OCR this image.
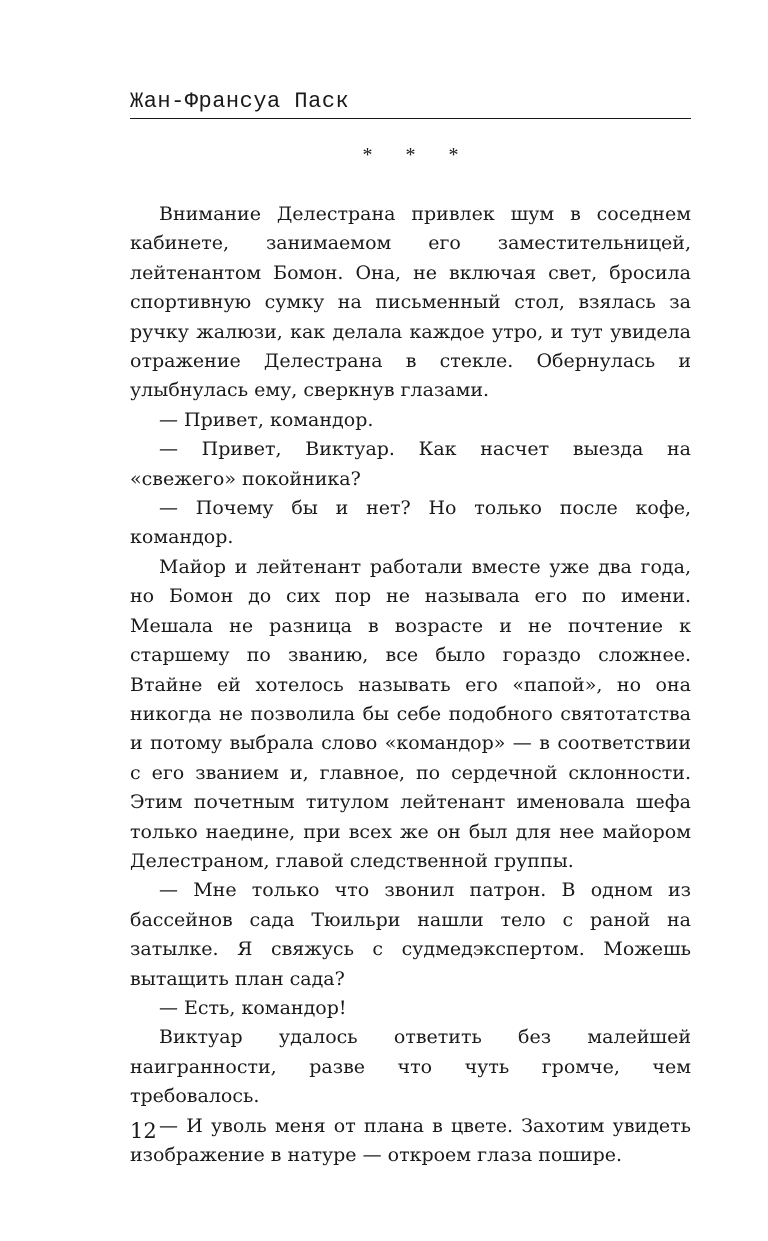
Жан-Франсуа Паск
* * *

Внимание Делестрана привлек шум в соседнем кабинете, занимаемом его заместительницей, лейтенантом Бомон. Она, не включая свет, бросила спортивную сумку на письменный стол, взялась за ручку жалюзи, как делала каждое утро, и тут увидела отражение Делестрана в стекле. Обернулась и улыбнулась ему, сверкнув глазами.

— Привет, командор.

— Привет, Виктуар. Как насчет выезда на «свежего» покойника?

— Почему бы и нет? Но только после кофе, командор.

Майор и лейтенант работали вместе уже два года, но Бомон до сих пор не называла его по имени. Мешала не разница в возрасте и не почтение к старшему по званию, все было гораздо сложнее. Втайне ей хотелось называть его «папой», но она никогда не позволила бы себе подобного святотатства и потому выбрала слово «командор» — в соответствии с его званием и, главное, по сердечной склонности. Этим почетным титулом лейтенант именовала шефа только наедине, при всех же он был для нее майором Делестраном, главой следственной группы.

— Мне только что звонил патрон. В одном из бассейнов сада Тюильри нашли тело с раной на затылке. Я свяжусь с судмедэкспертом. Можешь вытащить план сада?

— Есть, командор!

Виктуар удалось ответить без малейшей наигранности, разве что чуть громче, чем требовалось.

— И уволь меня от плана в цвете. Захотим увидеть изображение в натуре — откроем глаза пошире.

12
